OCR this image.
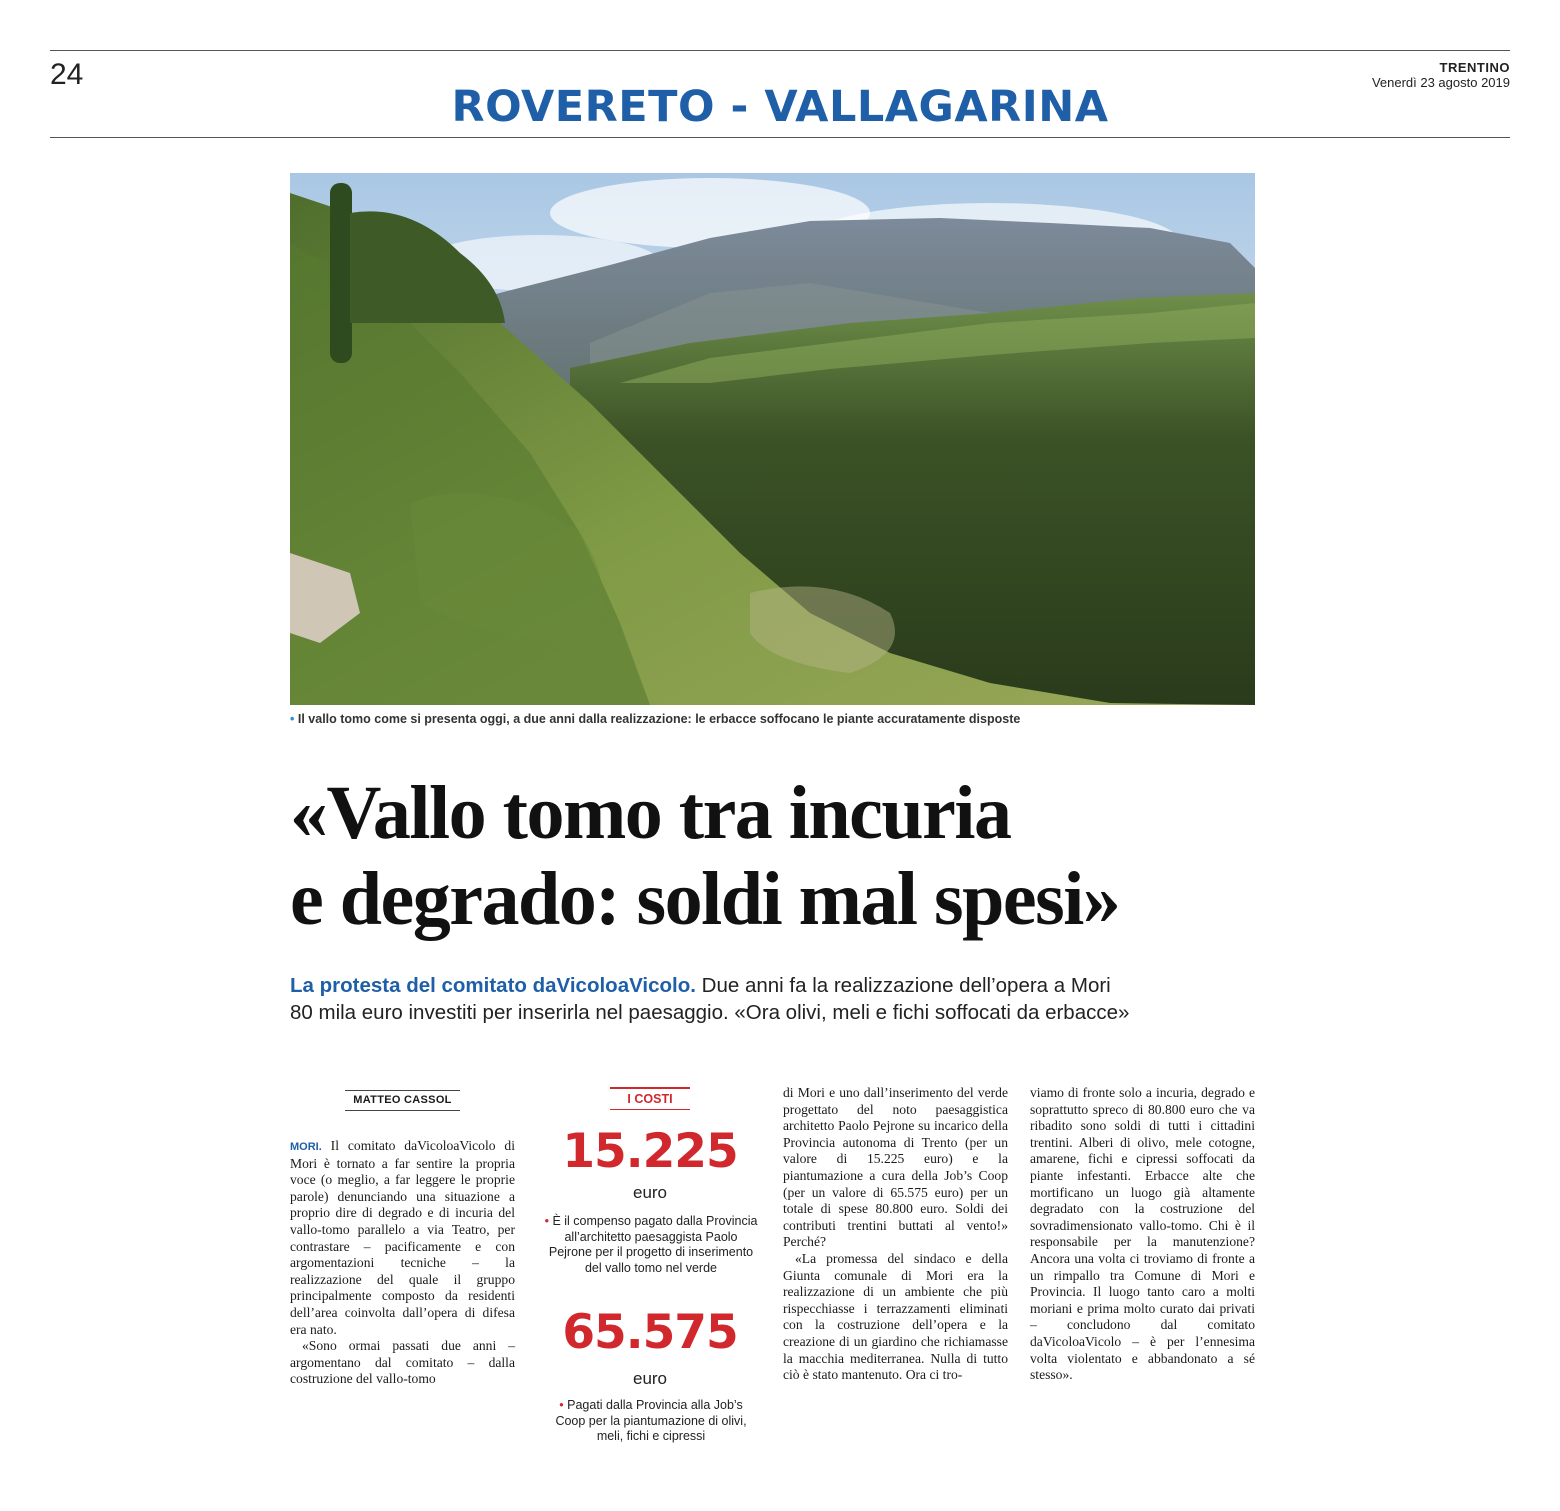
24
ROVERETO - VALLAGARINA
TRENTINO
Venerdì 23 agosto 2019
• Il vallo tomo come si presenta oggi, a due anni dalla realizzazione: le erbacce soffocano le piante accuratamente disposte
«Vallo tomo tra incuria
e degrado: soldi mal spesi»
La protesta del comitato daVicoloaVicolo. Due anni fa la realizzazione dell’opera a Mori
80 mila euro investiti per inserirla nel paesaggio. «Ora olivi, meli e fichi soffocati da erbacce»
MATTEO CASSOL

MORI. Il comitato daVicoloaVicolo di Mori è tornato a far sentire la propria voce (o meglio, a far leggere le proprie parole) denunciando una situazione a proprio dire di degrado e di incuria del vallo-tomo parallelo a via Teatro, per contrastare – pacificamente e con argomentazioni tecniche – la realizzazione del quale il gruppo principalmente composto da residenti dell’area coinvolta dall’opera di difesa era nato.

«Sono ormai passati due anni – argomentano dal comitato – dalla costruzione del vallo-tomo

I COSTI
15.225
euro
• È il compenso pagato dalla Provincia all’architetto paesaggista Paolo Pejrone per il progetto di inserimento del vallo tomo nel verde
65.575
euro
• Pagati dalla Provincia alla Job’s Coop per la piantumazione di olivi, meli, fichi e cipressi

di Mori e uno dall’inserimento del verde progettato del noto paesaggistica architetto Paolo Pejrone su incarico della Provincia autonoma di Trento (per un valore di 15.225 euro) e la piantumazione a cura della Job’s Coop (per un valore di 65.575 euro) per un totale di spese 80.800 euro. Soldi dei contributi trentini buttati al vento!» Perché?

«La promessa del sindaco e della Giunta comunale di Mori era la realizzazione di un ambiente che più rispecchiasse i terrazzamenti eliminati con la costruzione dell’opera e la creazione di un giardino che richiamasse la macchia mediterranea. Nulla di tutto ciò è stato mantenuto. Ora ci tro-

viamo di fronte solo a incuria, degrado e soprattutto spreco di 80.800 euro che va ribadito sono soldi di tutti i cittadini trentini. Alberi di olivo, mele cotogne, amarene, fichi e cipressi soffocati da piante infestanti. Erbacce alte che mortificano un luogo già altamente degradato con la costruzione del sovradimensionato vallo-tomo. Chi è il responsabile per la manutenzione? Ancora una volta ci troviamo di fronte a un rimpallo tra Comune di Mori e Provincia. Il luogo tanto caro a molti moriani e prima molto curato dai privati – concludono dal comitato daVicoloaVicolo – è per l’ennesima volta violentato e abbandonato a sé stesso».
